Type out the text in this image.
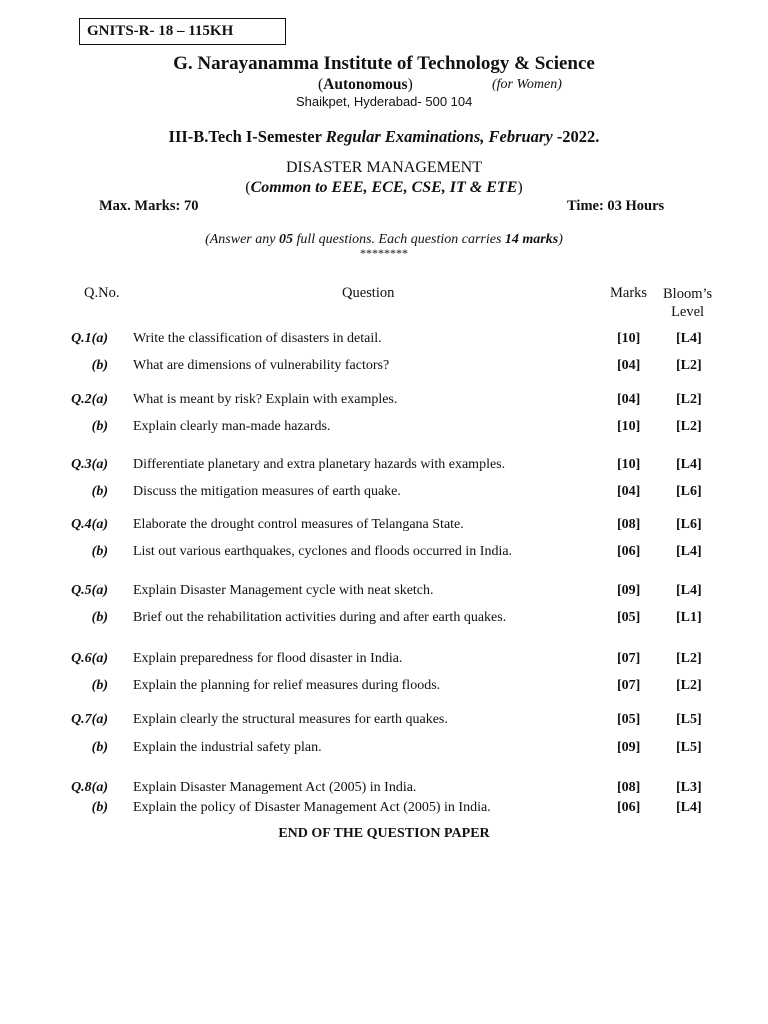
GNITS-R- 18 – 115KH
G. Narayanamma Institute of Technology & Science
(Autonomous)	(for Women)
Shaikpet, Hyderabad- 500 104
III-B.Tech I-Semester Regular Examinations, February -2022.
DISASTER MANAGEMENT
(Common to EEE, ECE, CSE, IT & ETE)
Max. Marks: 70	Time: 03 Hours
(Answer any 05 full questions. Each question carries 14 marks)
********
Q.No.	Question	Marks Bloom’s
Level
Q.1(a) Write the classification of disasters in detail.	[10]	[L4]
(b) What are dimensions of vulnerability factors?	[04]	[L2]
Q.2(a) What is meant by risk? Explain with examples.	[04]	[L2]
(b) Explain clearly man-made hazards.	[10]	[L2]
Q.3(a) Differentiate planetary and extra planetary hazards with examples.	[10]	[L4]
(b) Discuss the mitigation measures of earth quake.	[04]	[L6]
Q.4(a) Elaborate the drought control measures of Telangana State.	[08]	[L6]
(b) List out various earthquakes, cyclones and floods occurred in India.	[06]	[L4]
Q.5(a) Explain Disaster Management cycle with neat sketch.	[09]	[L4]
(b) Brief out the rehabilitation activities during and after earth quakes.	[05]	[L1]
Q.6(a) Explain preparedness for flood disaster in India.	[07]	[L2]
(b) Explain the planning for relief measures during floods.	[07]	[L2]
Q.7(a) Explain clearly the structural measures for earth quakes.	[05]	[L5]
(b) Explain the industrial safety plan.	[09]	[L5]
Q.8(a) Explain Disaster Management Act (2005) in India.	[08]	[L3]
(b) Explain the policy of Disaster Management Act (2005) in India.	[06]	[L4]
END OF THE QUESTION PAPER
